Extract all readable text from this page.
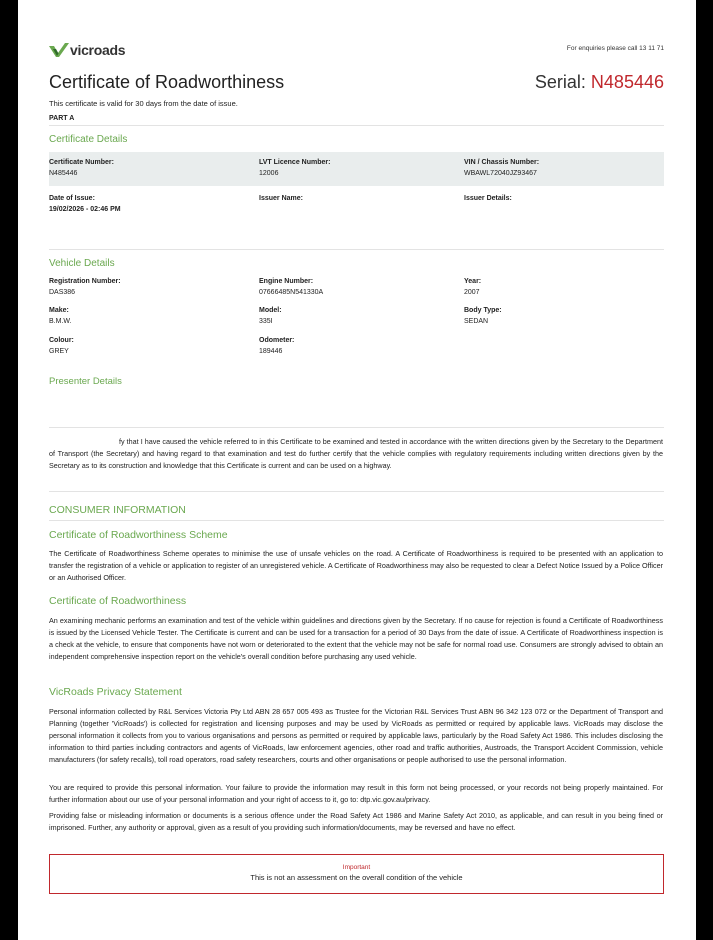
vicroads	For enquiries please call 13 11 71
Certificate of Roadworthiness	Serial: N485446
This certificate is valid for 30 days from the date of issue.
PART A
Certificate Details
Certificate Number:
N485446
LVT Licence Number:
12006
VIN / Chassis Number:
WBAWL72040JZ93467
Date of Issue:
19/02/2026 - 02:46 PM
Issuer Name:	Issuer Details:
Vehicle Details
Registration Number:
DAS386
Engine Number:
07666485N541330A
Year:
2007
Make:
B.M.W.
Model:
335I
Body Type:
SEDAN
Colour:
GREY
Odometer:
189446
Presenter Details
fy that I have caused the vehicle referred to in this Certificate to be examined and tested in accordance with the written directions given by the Secretary to the Department of Transport (the Secretary) and having regard to that examination and test do further certify that the vehicle complies with regulatory requirements including written directions given by the Secretary as to its construction and knowledge that this Certificate is current and can be used on a highway.
CONSUMER INFORMATION
Certificate of Roadworthiness Scheme
The Certificate of Roadworthiness Scheme operates to minimise the use of unsafe vehicles on the road. A Certificate of Roadworthiness is required to be presented with an application to transfer the registration of a vehicle or application to register of an unregistered vehicle. A Certificate of Roadworthiness may also be requested to clear a Defect Notice Issued by a Police Officer or an Authorised Officer.
Certificate of Roadworthiness
An examining mechanic performs an examination and test of the vehicle within guidelines and directions given by the Secretary. If no cause for rejection is found a Certificate of Roadworthiness is issued by the Licensed Vehicle Tester. The Certificate is current and can be used for a transaction for a period of 30 Days from the date of issue. A Certificate of Roadworthiness inspection is a check at the vehicle, to ensure that components have not worn or deteriorated to the extent that the vehicle may not be safe for normal road use. Consumers are strongly advised to obtain an independent comprehensive inspection report on the vehicle's overall condition before purchasing any used vehicle.
VicRoads Privacy Statement
Personal information collected by R&L Services Victoria Pty Ltd ABN 28 657 005 493 as Trustee for the Victorian R&L Services Trust ABN 96 342 123 072 or the Department of Transport and Planning (together 'VicRoads') is collected for registration and licensing purposes and may be used by VicRoads as permitted or required by applicable laws. VicRoads may disclose the personal information it collects from you to various organisations and persons as permitted or required by applicable laws, particularly by the Road Safety Act 1986. This includes disclosing the information to third parties including contractors and agents of VicRoads, law enforcement agencies, other road and traffic authorities, Austroads, the Transport Accident Commission, vehicle manufacturers (for safety recalls), toll road operators, road safety researchers, courts and other organisations or people authorised to use the personal information.
You are required to provide this personal information. Your failure to provide the information may result in this form not being processed, or your records not being properly maintained. For further information about our use of your personal information and your right of access to it, go to: dtp.vic.gov.au/privacy.
Providing false or misleading information or documents is a serious offence under the Road Safety Act 1986 and Marine Safety Act 2010, as applicable, and can result in you being fined or imprisoned. Further, any authority or approval, given as a result of you providing such information/documents, may be reversed and have no effect.
Important
This is not an assessment on the overall condition of the vehicle
